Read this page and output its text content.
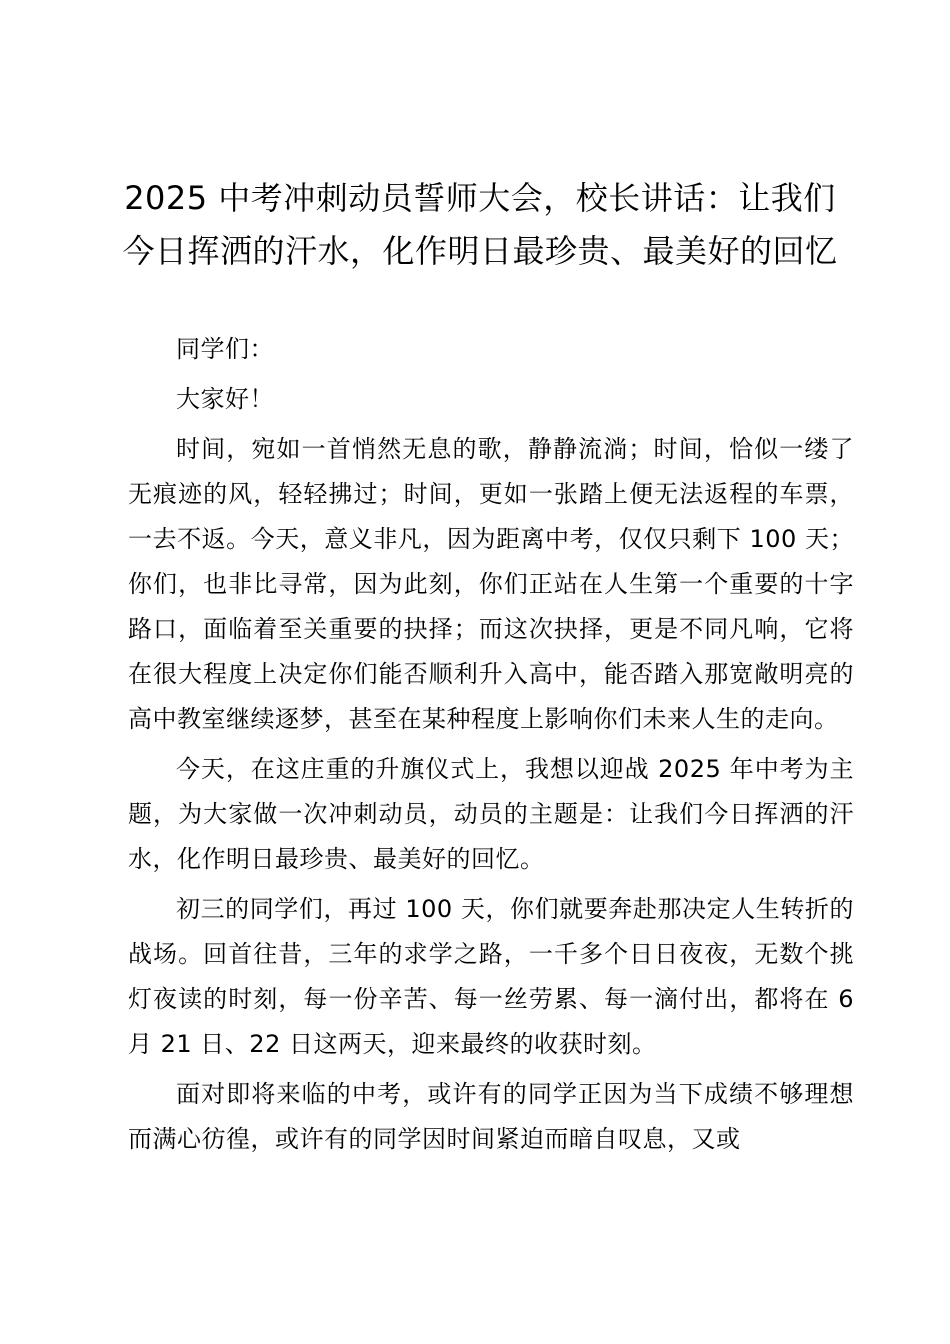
2025 中考冲刺动员誓师大会，校长讲话：让我们今日挥洒的汗水，化作明日最珍贵、最美好的回忆

同学们：

大家好！

时间，宛如一首悄然无息的歌，静静流淌；时间，恰似一缕了无痕迹的风，轻轻拂过；时间，更如一张踏上便无法返程的车票，一去不返。今天，意义非凡，因为距离中考，仅仅只剩下 100 天；你们，也非比寻常，因为此刻，你们正站在人生第一个重要的十字路口，面临着至关重要的抉择；而这次抉择，更是不同凡响，它将在很大程度上决定你们能否顺利升入高中，能否踏入那宽敞明亮的高中教室继续逐梦，甚至在某种程度上影响你们未来人生的走向。

今天，在这庄重的升旗仪式上，我想以迎战 2025 年中考为主题，为大家做一次冲刺动员，动员的主题是：让我们今日挥洒的汗水，化作明日最珍贵、最美好的回忆。

初三的同学们，再过 100 天，你们就要奔赴那决定人生转折的战场。回首往昔，三年的求学之路，一千多个日日夜夜，无数个挑灯夜读的时刻，每一份辛苦、每一丝劳累、每一滴付出，都将在 6 月 21 日、22 日这两天，迎来最终的收获时刻。

面对即将来临的中考，或许有的同学正因为当下成绩不够理想而满心彷徨，或许有的同学因时间紧迫而暗自叹息，又或
